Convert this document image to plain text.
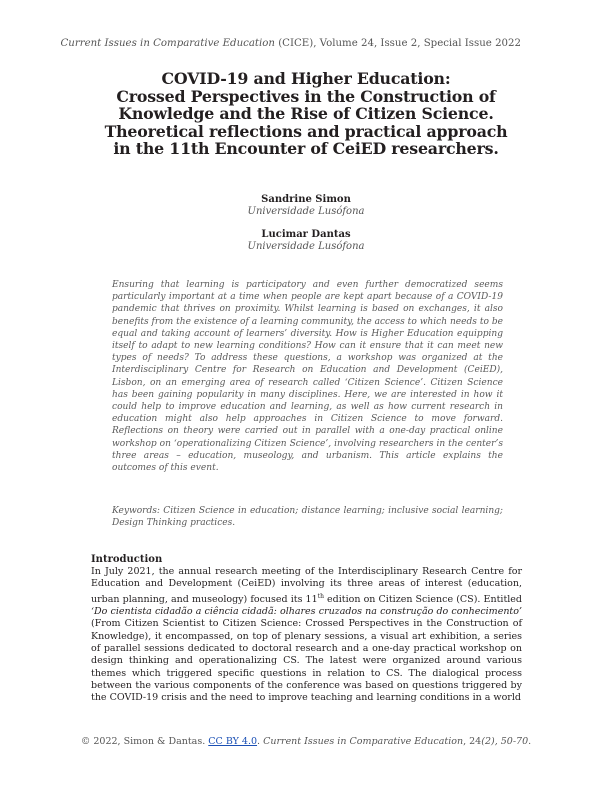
Current Issues in Comparative Education (CICE), Volume 24, Issue 2, Special Issue 2022
COVID-19 and Higher Education:
Crossed Perspectives in the Construction of
Knowledge and the Rise of Citizen Science.
Theoretical reflections and practical approach
in the 11th Encounter of CeiED researchers.
Sandrine Simon
Universidade Lusófona
Lucimar Dantas
Universidade Lusófona

Ensuring that learning is participatory and even further democratized seems particularly important at a time when people are kept apart because of a COVID-19 pandemic that thrives on proximity. Whilst learning is based on exchanges, it also benefits from the existence of a learning community, the access to which needs to be equal and taking account of learners’ diversity. How is Higher Education equipping itself to adapt to new learning conditions? How can it ensure that it can meet new types of needs? To address these questions, a workshop was organized at the Interdisciplinary Centre for Research on Education and Development (CeiED), Lisbon, on an emerging area of research called ‘Citizen Science’. Citizen Science has been gaining popularity in many disciplines. Here, we are interested in how it could help to improve education and learning, as well as how current research in education might also help approaches in Citizen Science to move forward. Reflections on theory were carried out in parallel with a one-day practical online workshop on ‘operationalizing Citizen Science’, involving researchers in the center’s three areas – education, museology, and urbanism. This article explains the outcomes of this event.

Keywords: Citizen Science in education; distance learning; inclusive social learning; Design Thinking practices.

Introduction

In July 2021, the annual research meeting of the Interdisciplinary Research Centre for Education and Development (CeiED) involving its three areas of interest (education, urban planning, and museology) focused its 11th edition on Citizen Science (CS). Entitled ‘Do cientista cidadão a ciência cidadã: olhares cruzados na construção do conhecimento’ (From Citizen Scientist to Citizen Science: Crossed Perspectives in the Construction of Knowledge), it encompassed, on top of plenary sessions, a visual art exhibition, a series of parallel sessions dedicated to doctoral research and a one-day practical workshop on design thinking and operationalizing CS. The latest were organized around various themes which triggered specific questions in relation to CS. The dialogical process between the various components of the conference was based on questions triggered by the COVID-19 crisis and the need to improve teaching and learning conditions in a world

© 2022, Simon & Dantas. CC BY 4.0. Current Issues in Comparative Education, 24(2), 50-70.
